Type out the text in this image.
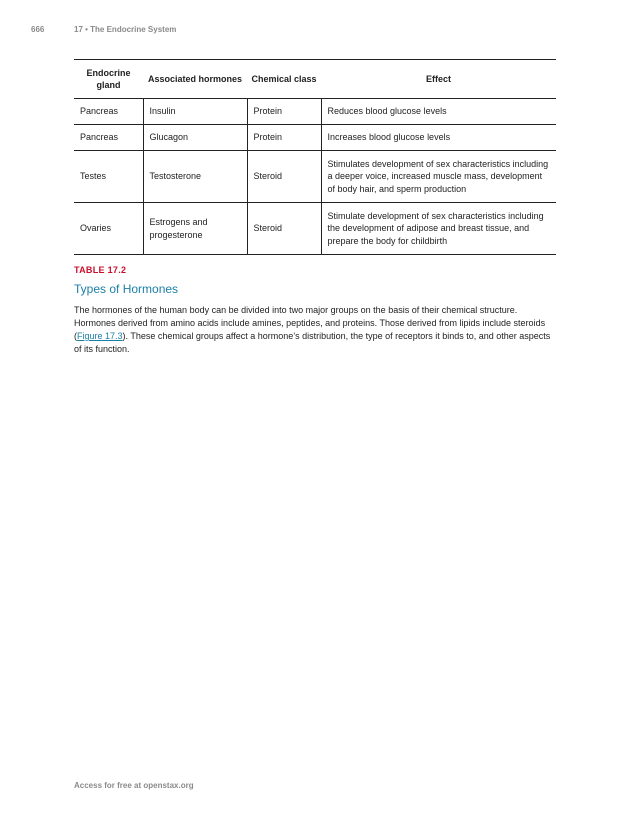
666	17 • The Endocrine System
Endocrine gland	Associated hormones	Chemical class	Effect
Pancreas	Insulin	Protein	Reduces blood glucose levels
Pancreas	Glucagon	Protein	Increases blood glucose levels
Testes	Testosterone	Steroid	Stimulates development of sex characteristics including a deeper voice, increased muscle mass, development of body hair, and sperm production
Ovaries	Estrogens and progesterone	Steroid	Stimulate development of sex characteristics including the development of adipose and breast tissue, and prepare the body for childbirth
TABLE 17.2
Types of Hormones

The hormones of the human body can be divided into two major groups on the basis of their chemical structure. Hormones derived from amino acids include amines, peptides, and proteins. Those derived from lipids include steroids (Figure 17.3). These chemical groups affect a hormone’s distribution, the type of receptors it binds to, and other aspects of its function.

Access for free at openstax.org
